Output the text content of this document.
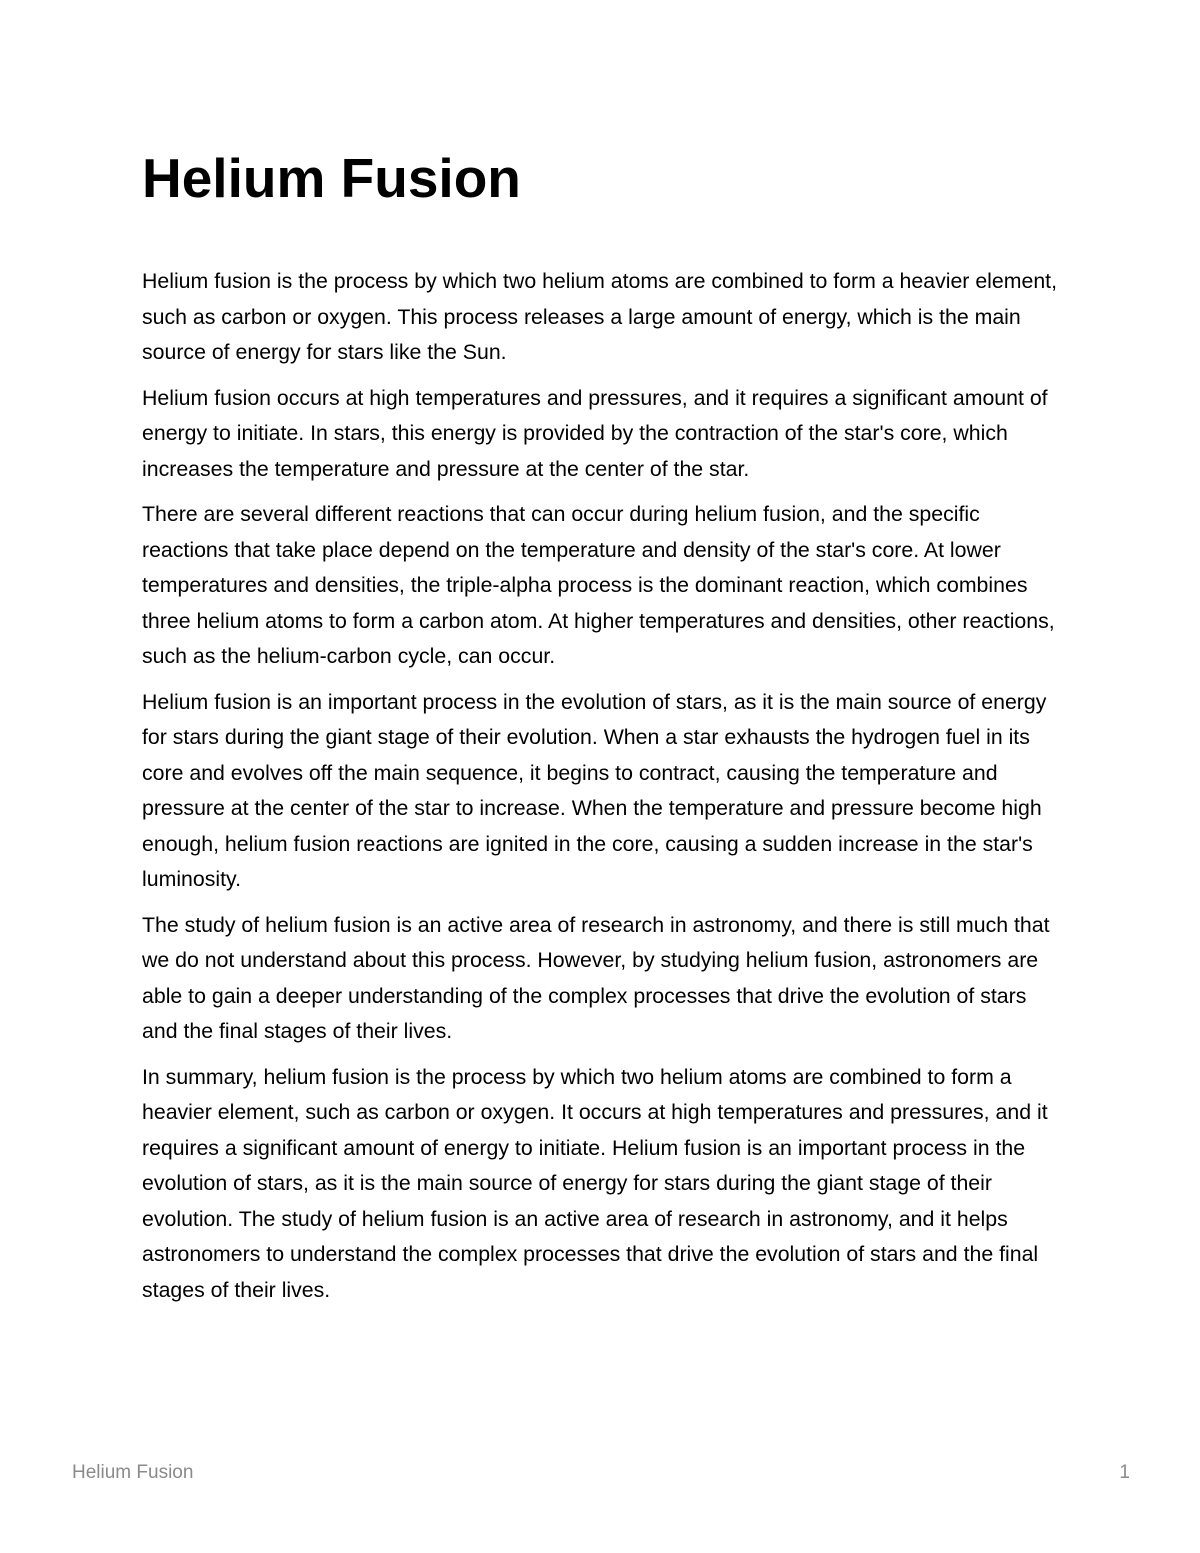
Helium Fusion

Helium fusion is the process by which two helium atoms are combined to form a heavier element, such as carbon or oxygen. This process releases a large amount of energy, which is the main source of energy for stars like the Sun.

Helium fusion occurs at high temperatures and pressures, and it requires a significant amount of energy to initiate. In stars, this energy is provided by the contraction of the star's core, which increases the temperature and pressure at the center of the star.

There are several different reactions that can occur during helium fusion, and the specific reactions that take place depend on the temperature and density of the star's core. At lower temperatures and densities, the triple-alpha process is the dominant reaction, which combines three helium atoms to form a carbon atom. At higher temperatures and densities, other reactions, such as the helium-carbon cycle, can occur.

Helium fusion is an important process in the evolution of stars, as it is the main source of energy for stars during the giant stage of their evolution. When a star exhausts the hydrogen fuel in its core and evolves off the main sequence, it begins to contract, causing the temperature and pressure at the center of the star to increase. When the temperature and pressure become high enough, helium fusion reactions are ignited in the core, causing a sudden increase in the star's luminosity.

The study of helium fusion is an active area of research in astronomy, and there is still much that we do not understand about this process. However, by studying helium fusion, astronomers are able to gain a deeper understanding of the complex processes that drive the evolution of stars and the final stages of their lives.

In summary, helium fusion is the process by which two helium atoms are combined to form a heavier element, such as carbon or oxygen. It occurs at high temperatures and pressures, and it requires a significant amount of energy to initiate. Helium fusion is an important process in the evolution of stars, as it is the main source of energy for stars during the giant stage of their evolution. The study of helium fusion is an active area of research in astronomy, and it helps astronomers to understand the complex processes that drive the evolution of stars and the final stages of their lives.

Helium Fusion	1
